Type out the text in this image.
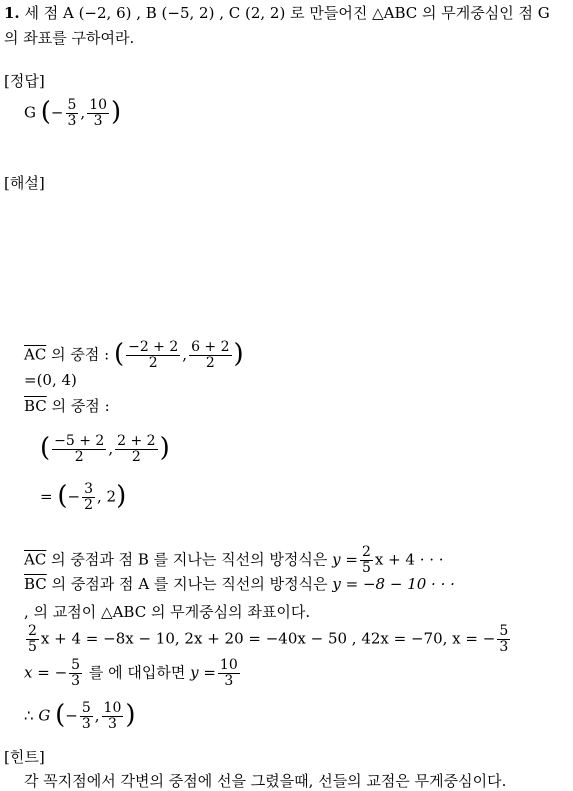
1. 세 점 A (−2, 6) , B (−5, 2) , C (2, 2) 로 만들어진 △ABC 의 무게중심인 점 G
의 좌표를 구하여라.
[정답]
G (− $\frac{5}{3}$ , $\frac{10}{3}$ )
[해설]
$\overline{AC}$ 의 중점 : ( $\frac{-2 + 2}{2}$ , $\frac{6 + 2}{2}$ )
=(0, 4)
$\overline{BC}$ 의 중점 :
( $\frac{-5 + 2}{2}$ , $\frac{2 + 2}{2}$ )
= (− $\frac{3}{2}$ , 2)
$\overline{AC}$ 의 중점과 점 B 를 지나는 직선의 방정식은 $y = \frac{2}{5}$ x + 4 · · ·
$\overline{BC}$ 의 중점과 점 A 를 지나는 직선의 방정식은 y = −8 − 10 · · ·
, 의 교점이 △ABC 의 무게중심의 좌표이다.
$\frac{2}{5}$ x + 4 = −8x − 10, 2x + 20 = −40x − 50 , 42x = −70, x = − $\frac{5}{3}$
x = − $\frac{5}{3}$ 를 에 대입하면 $y = \frac{10}{3}$
∴ G (− $\frac{5}{3}$ , $\frac{10}{3}$ )
[힌트]
각 꼭지점에서 각변의 중점에 선을 그렸을때, 선들의 교점은 무게중심이다.
